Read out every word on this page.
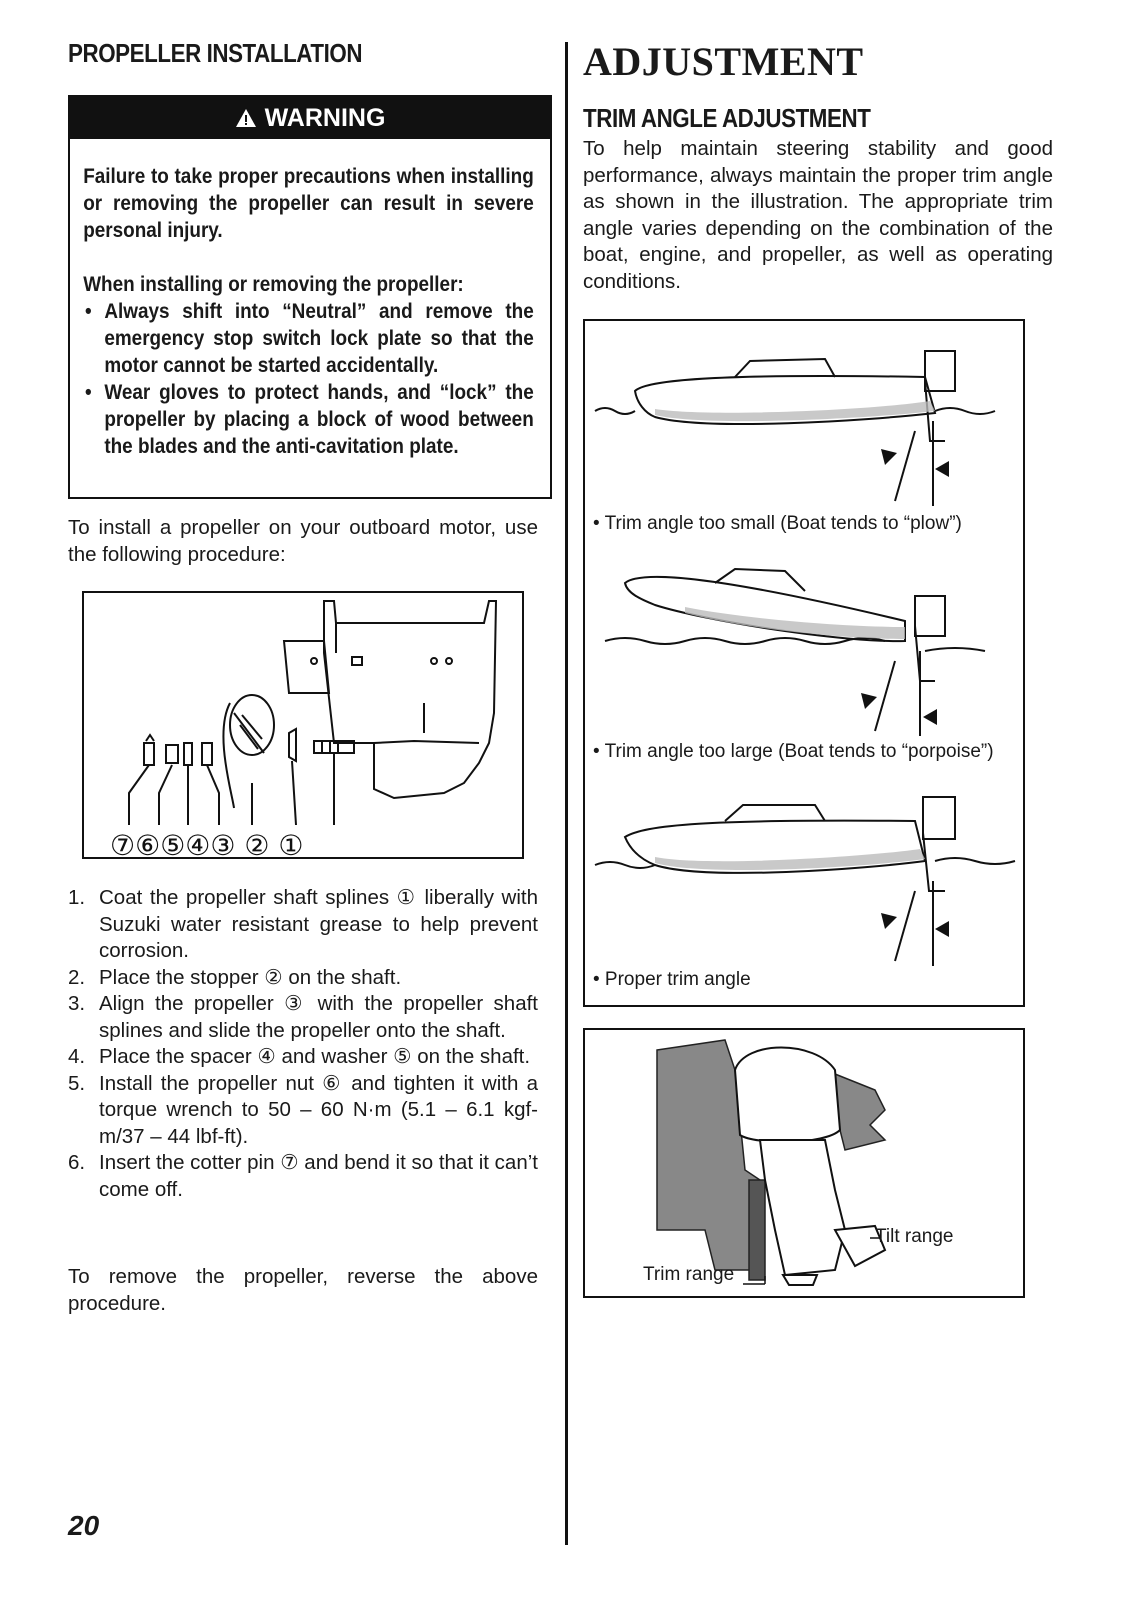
PROPELLER INSTALLATION
WARNING

Failure to take proper precautions when installing or removing the propeller can result in severe personal injury.

When installing or removing the propeller:

• Always shift into “Neutral” and remove the emergency stop switch lock plate so that the motor cannot be started accidentally.
• Wear gloves to protect hands, and “lock” the propeller by placing a block of wood between the blades and the anti-cavitation plate.

To install a propeller on your outboard motor, use the following procedure:

⑦⑥⑤④③ ② ①
1. Coat the propeller shaft splines ① liberally with Suzuki water resistant grease to help prevent corrosion.
2. Place the stopper ② on the shaft.
3. Align the propeller ③ with the propeller shaft splines and slide the propeller onto the shaft.
4. Place the spacer ④ and washer ⑤ on the shaft.
5. Install the propeller nut ⑥ and tighten it with a torque wrench to 50 – 60 N·m (5.1 – 6.1 kgf-m/37 – 44 lbf-ft).
6. Insert the cotter pin ⑦ and bend it so that it can’t come off.

To remove the propeller, reverse the above procedure.

ADJUSTMENT
TRIM ANGLE ADJUSTMENT

To help maintain steering stability and good performance, always maintain the proper trim angle as shown in the illustration. The appropriate trim angle varies depending on the combination of the boat, engine, and propeller, as well as operating conditions.

• Trim angle too small (Boat tends to “plow”)
• Trim angle too large (Boat tends to “porpoise”)
• Proper trim angle
Tilt range
Trim range
20
